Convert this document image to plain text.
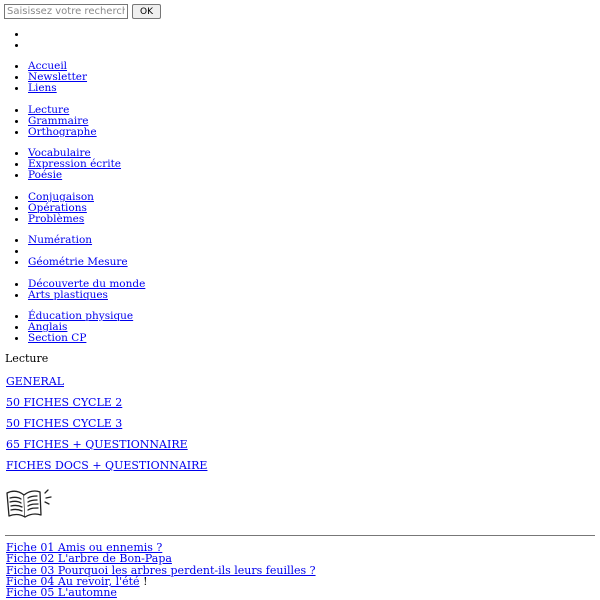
Saisissez votre recherche
OK
• Accueil
• Newsletter
• Liens
• Lecture
• Grammaire
• Orthographe
• Vocabulaire
• Expression écrite
• Poésie
• Conjugaison
• Opérations
• Problèmes
• Numération
•
• Géométrie Mesure
• Découverte du monde
• Arts plastiques
• Éducation physique
• Anglais
• Section CP
Lecture
GENERAL
50 FICHES CYCLE 2
50 FICHES CYCLE 3
65 FICHES + QUESTIONNAIRE
FICHES DOCS + QUESTIONNAIRE
Fiche 01 Amis ou ennemis ?
Fiche 02 L'arbre de Bon-Papa
Fiche 03 Pourquoi les arbres perdent-ils leurs feuilles ?
Fiche 04 Au revoir, l'été !
Fiche 05 L'automne
